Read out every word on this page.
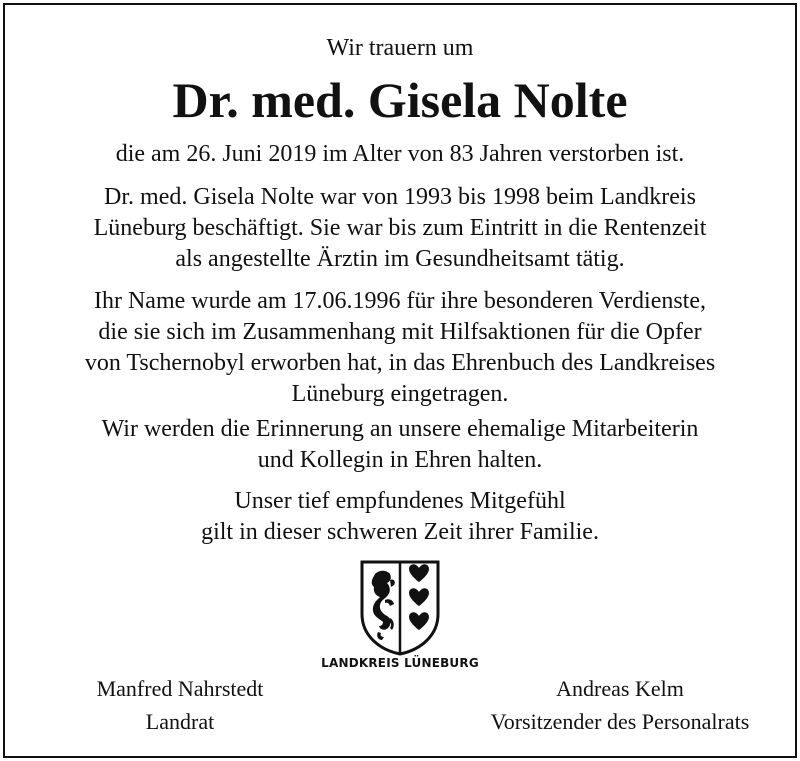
Wir trauern um
Dr. med. Gisela Nolte
die am 26. Juni 2019 im Alter von 83 Jahren verstorben ist.
Dr. med. Gisela Nolte war von 1993 bis 1998 beim Landkreis
Lüneburg beschäftigt. Sie war bis zum Eintritt in die Rentenzeit
als angestellte Ärztin im Gesundheitsamt tätig.
Ihr Name wurde am 17.06.1996 für ihre besonderen Verdienste,
die sie sich im Zusammenhang mit Hilfsaktionen für die Opfer
von Tschernobyl erworben hat, in das Ehrenbuch des Landkreises
Lüneburg eingetragen.
Wir werden die Erinnerung an unsere ehemalige Mitarbeiterin
und Kollegin in Ehren halten.
Unser tief empfundenes Mitgefühl
gilt in dieser schweren Zeit ihrer Familie.
LANDKREIS LÜNEBURG
Manfred Nahrstedt
Landrat
Andreas Kelm
Vorsitzender des Personalrats
